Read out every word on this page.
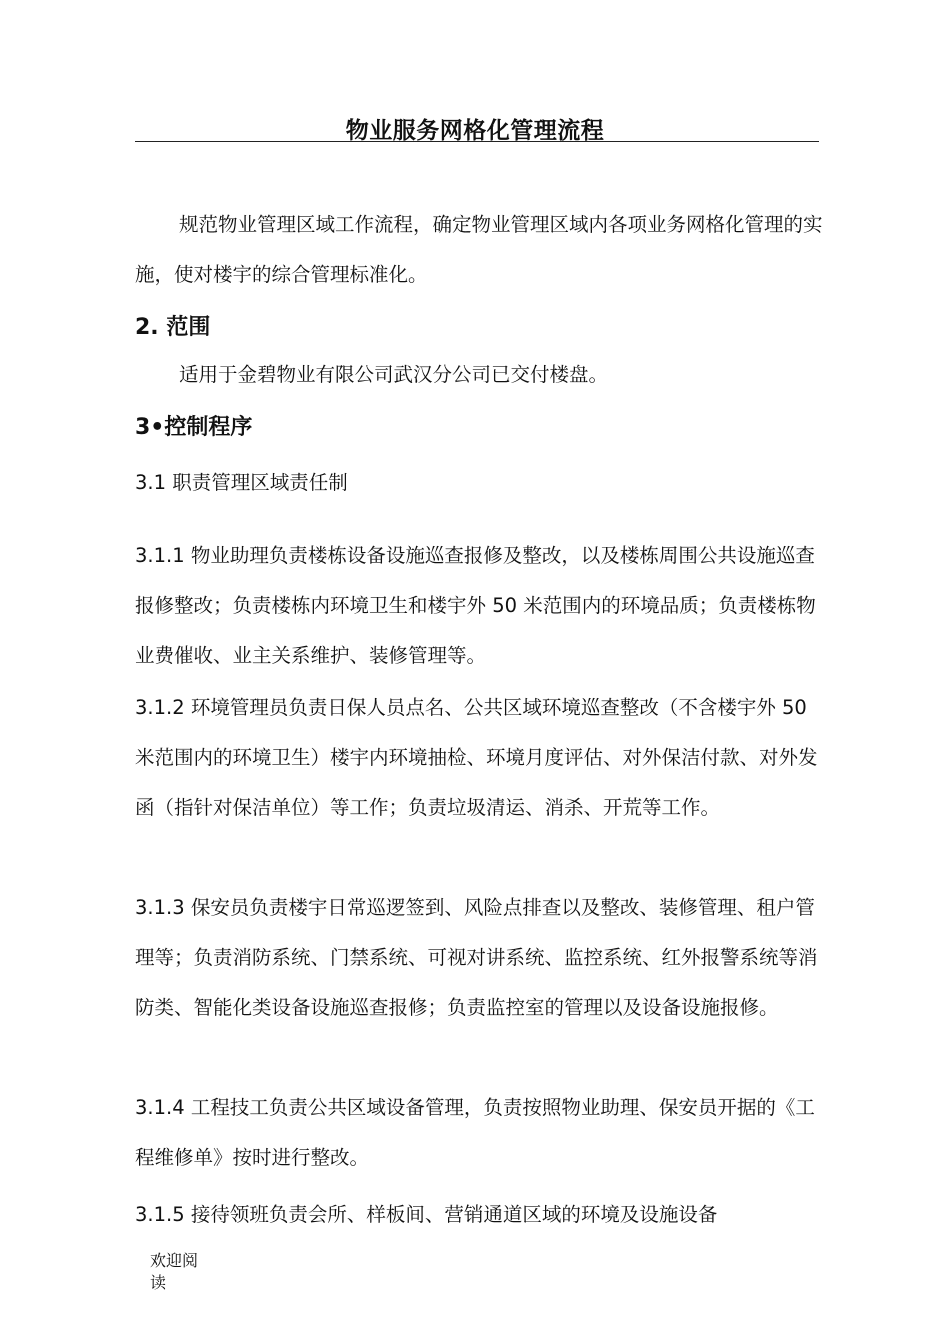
物业服务网格化管理流程

规范物业管理区域工作流程，确定物业管理区域内各项业务网格化管理的实施，使对楼宇的综合管理标准化。

2. 范围

适用于金碧物业有限公司武汉分公司已交付楼盘。

3•控制程序

3.1 职责管理区域责任制

3.1.1 物业助理负责楼栋设备设施巡查报修及整改，以及楼栋周围公共设施巡查报修整改；负责楼栋内环境卫生和楼宇外 50 米范围内的环境品质；负责楼栋物业费催收、业主关系维护、装修管理等。

3.1.2 环境管理员负责日保人员点名、公共区域环境巡查整改（不含楼宇外 50 米范围内的环境卫生）楼宇内环境抽检、环境月度评估、对外保洁付款、对外发函（指针对保洁单位）等工作；负责垃圾清运、消杀、开荒等工作。

3.1.3 保安员负责楼宇日常巡逻签到、风险点排查以及整改、装修管理、租户管理等；负责消防系统、门禁系统、可视对讲系统、监控系统、红外报警系统等消防类、智能化类设备设施巡查报修；负责监控室的管理以及设备设施报修。

3.1.4 工程技工负责公共区域设备管理，负责按照物业助理、保安员开据的《工程维修单》按时进行整改。

3.1.5 接待领班负责会所、样板间、营销通道区域的环境及设施设备

欢迎阅读
